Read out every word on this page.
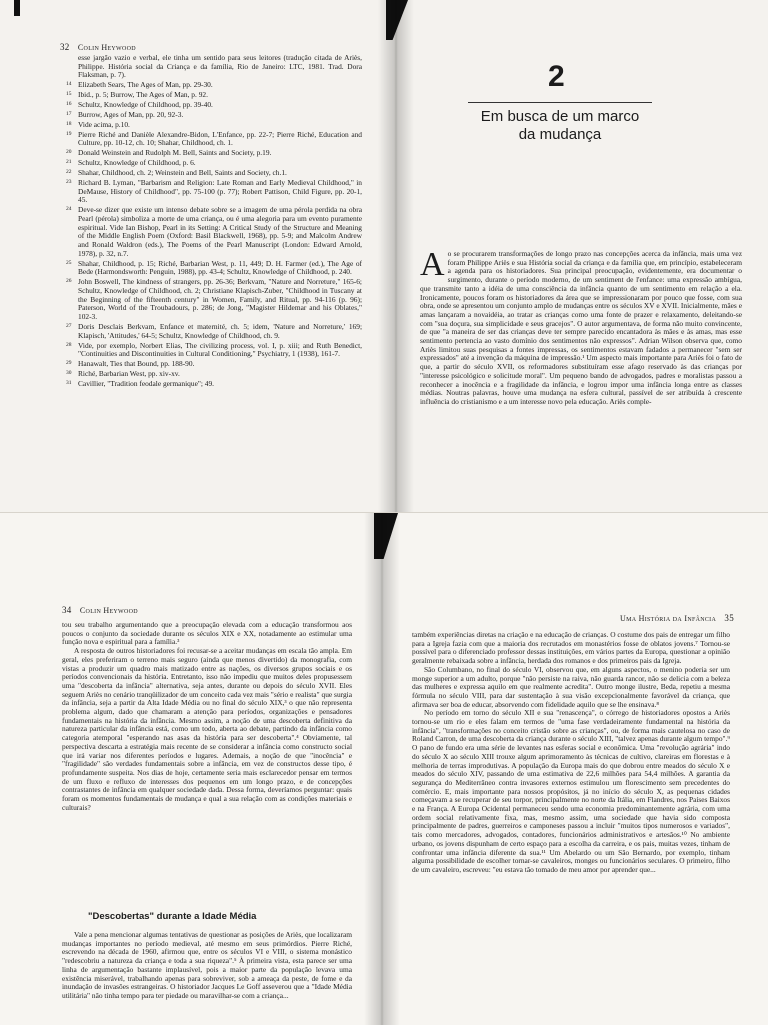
32 Colin Heywood
esse jargão vazio e verbal, ele tinha um sentido para seus leitores (tradução citada de Ariès, Philippe. História social da Criança e da família, Rio de Janeiro: LTC, 1981. Trad. Dora Flaksman, p. 7).
14 Elizabeth Sears, The Ages of Man, pp. 29-30.
15 Ibid., p. 5; Burrow, The Ages of Man, p. 92.
16 Schultz, Knowledge of Childhood, pp. 39-40.
17 Burrow, Ages of Man, pp. 20, 92-3.
18 Vide acima, p.10.
19 Pierre Riché and Danièle Alexandre-Bidon, L'Enfance, pp. 22-7; Pierre Riché, Education and Culture, pp. 10-12, ch. 10; Shahar, Childhood, ch. 1.
20 Donald Weinstein and Rudolph M. Bell, Saints and Society, p.19.
21 Schultz, Knowledge of Childhood, p. 6.
22 Shahar, Childhood, ch. 2; Weinstein and Bell, Saints and Society, ch.1.
23 Richard B. Lyman, "Barbarism and Religion: Late Roman and Early Medieval Childhood," in DeMause, History of Childhood", pp. 75-100 (p. 77); Robert Pattison, Child Figure, pp. 20-1, 45.
24 Deve-se dizer que existe um intenso debate sobre se a imagem de uma pérola perdida na obra Pearl (pérola) simboliza a morte de uma criança, ou é uma alegoria para um evento puramente espiritual. Vide Ian Bishop, Pearl in its Setting: A Critical Study of the Structure and Meaning of the Middle English Poem (Oxford: Basil Blackwell, 1968), pp. 5-9; and Malcolm Andrew and Ronald Waldron (eds.), The Poems of the Pearl Manuscript (London: Edward Arnold, 1978), p. 32, n.7.
25 Shahar, Childhood, p. 15; Riché, Barbarian West, p. 11, 449; D. H. Farmer (ed.), The Age of Bede (Harmondsworth: Penguin, 1988), pp. 43-4; Schultz, Knowledge of Childhood, p. 240.
26 John Boswell, The kindness of strangers, pp. 26-36; Berkvam, "Nature and Norreture," 165-6; Schultz, Knowledge of Childhood, ch. 2; Christiane Klapisch-Zuber, "Childhood in Tuscany at the Beginning of the fifteenth century" in Women, Family, and Ritual, pp. 94-116 (p. 96); Paterson, World of the Troubadours, p. 286; de Jong, "Magister Hildemar and his Oblates," 102-3.
27 Doris Desclais Berkvam, Enfance et maternité, ch. 5; idem, 'Nature and Norreture,' 169; Klapisch, 'Attitudes,' 64-5; Schultz, Knowledge of Childhood, ch. 9.
28 Vide, por exemplo, Norbert Elias, The civilizing process, vol. I, p. xiii; and Ruth Benedict, "Continuities and Discontinuities in Cultural Conditioning," Psychiatry, 1 (1938), 161-7.
29 Hanawalt, Ties that Bound, pp. 188-90.
30 Riché, Barbarian West, pp. xiv-xv.
31 Cavillier, "Tradition feodale germanique"; 49.
2
Em busca de um marco
da mudança
A o se procurarem transformações de longo prazo nas concepções acerca da infância, mais uma vez foram Philippe Ariès e sua História social da criança e da família que, em princípio, estabeleceram a agenda para os historiadores. Sua principal preocupação, evidentemente, era documentar o surgimento, durante o período moderno, de um sentiment de l'enfance: uma expressão ambígua, que transmite tanto a idéia de uma consciência da infância quanto de um sentimento em relação a ela. Ironicamente, poucos foram os historiadores da área que se impressionaram por pouco que fosse, com sua obra, onde se apresentou um conjunto amplo de mudanças entre os séculos XV e XVII. Inicialmente, mães e amas lançaram a novaidéia, ao tratar as crianças como uma fonte de prazer e relaxamento, deleitando-se com "sua doçura, sua simplicidade e seus gracejos". O autor argumentava, de forma não muito convincente, de que "a maneira de ser das crianças deve ter sempre parecido encantadora às mães e às amas, mas esse sentimento pertencia ao vasto domínio dos sentimentos não expressos". Adrian Wilson observa que, como Ariès limitou suas pesquisas a fontes impressas, os sentimentos estavam fadados a permanecer "sem ser expressados" até a invenção da máquina de impressão.¹ Um aspecto mais importante para Ariès foi o fato de que, a partir do século XVII, os reformadores substituíram esse afago reservado às das crianças por "interesse psicológico e solicitude moral". Um pequeno bando de advogados, padres e moralistas passou a reconhecer a inocência e a fragilidade da infância, e logrou impor uma infância longa entre as classes médias. Noutras palavras, houve uma mudança na esfera cultural, passível de ser atribuída à crescente influência do cristianismo e a um interesse novo pela educação. Ariès comple-

34 Colin Heywood

tou seu trabalho argumentando que a preocupação elevada com a educação transformou aos poucos o conjunto da sociedade durante os séculos XIX e XX, notadamente ao estimular uma função nova e espiritual para a família.³

A resposta de outros historiadores foi recusar-se a aceitar mudanças em escala tão ampla. Em geral, eles preferiram o terreno mais seguro (ainda que menos divertido) da monografia, com vistas a produzir um quadro mais matizado entre as nações, os diversos grupos sociais e os períodos convencionais da história. Entretanto, isso não impediu que muitos deles propusessem uma "descoberta da infância" alternativa, seja antes, durante ou depois do século XVII. Eles seguem Ariès no cenário tranqüilizador de um conceito cada vez mais "sério e realista" que surgia da infância, seja a partir da Alta Idade Média ou no final do século XIX,³ o que não representa problema algum, dado que chamaram a atenção para períodos, organizações e pensadores fundamentais na história da infância. Mesmo assim, a noção de uma descoberta definitiva da natureza particular da infância está, como um todo, aberta ao debate, partindo da infância como categoria atemporal "esperando nas asas da história para ser descoberta".⁴ Obviamente, tal perspectiva descarta a estratégia mais recente de se considerar a infância como constructo social que irá variar nos diferentes períodos e lugares. Ademais, a noção de que "inocência" e "fragilidade" são verdades fundamentais sobre a infância, em vez de constructos desse tipo, é profundamente suspeita. Nos dias de hoje, certamente seria mais esclarecedor pensar em termos de um fluxo e refluxo de interesses dos pequenos em um longo prazo, e de concepções contrastantes de infância em qualquer sociedade dada. Dessa forma, deveríamos perguntar: quais foram os momentos fundamentais de mudança e qual a sua relação com as condições materiais e culturais?

"Descobertas" durante a Idade Média

Vale a pena mencionar algumas tentativas de questionar as posições de Ariès, que localizaram mudanças importantes no período medieval, até mesmo em seus primórdios. Pierre Riché, escrevendo na década de 1960, afirmou que, entre os séculos VI e VIII, o sistema monástico "redescobriu a natureza da criança e toda a sua riqueza".⁵ À primeira vista, esta parece ser uma linha de argumentação bastante implausível, pois a maior parte da população levava uma existência miserável, trabalhando apenas para sobreviver, sob a ameaça da peste, de fome e da inundação de invasões estrangeiras. O historiador Jacques Le Goff asseverou que a "Idade Média utilitária" não tinha tempo para ter piedade ou maravilhar-se com a criança...

Uma História da Infância 35

também experiências diretas na criação e na educação de crianças. O costume dos pais de entregar um filho para a Igreja fazia com que a maioria dos recrutados em monastérios fosse de oblatos jovens.⁷ Tornou-se possível para o diferenciado professor dessas instituições, em vários partes da Europa, questionar a opinião geralmente rebaixada sobre a infância, herdada dos romanos e dos primeiros pais da Igreja.

São Columbano, no final do século VI, observou que, em alguns aspectos, o menino poderia ser um monge superior a um adulto, porque "não persiste na raiva, não guarda rancor, não se delicia com a beleza das mulheres e expressa aquilo em que realmente acredita". Outro monge ilustre, Beda, repetiu a mesma fórmula no século VIII, para dar sustentação à sua visão excepcionalmente favorável da criança, que afirmava ser boa de educar, absorvendo com fidelidade aquilo que se lhe ensinava.⁸

No período em torno do século XII e sua "renascença", o córrego de historiadores opostos a Ariès tornou-se um rio e eles falam em termos de "uma fase verdadeiramente fundamental na história da infância", "transformações no conceito cristão sobre as crianças", ou, de forma mais cautelosa no caso de Roland Carron, de uma descoberta da criança durante o século XIII, "talvez apenas durante algum tempo".⁹ O pano de fundo era uma série de levantes nas esferas social e econômica. Uma "revolução agrária" indo do século X ao século XIII trouxe algum aprimoramento às técnicas de cultivo, clareiras em florestas e à melhoria de terras improdutivas. A população da Europa mais do que dobrou entre meados do século X e meados do século XIV, passando de uma estimativa de 22,6 milhões para 54,4 milhões. A garantia da segurança do Mediterrâneo contra invasores externos estimulou um florescimento sem precedentes do comércio. E, mais importante para nossos propósitos, já no início do século X, as pequenas cidades começavam a se recuperar de seu torpor, principalmente no norte da Itália, em Flandres, nos Países Baixos e na França. A Europa Ocidental permaneceu sendo uma economia predominantemente agrária, com uma ordem social relativamente fixa, mas, mesmo assim, uma sociedade que havia sido composta principalmente de padres, guerreiros e camponeses passou a incluir "muitos tipos numerosos e variados", tais como mercadores, advogados, contadores, funcionários administrativos e artesãos.¹⁰ No ambiente urbano, os jovens dispunham de certo espaço para a escolha da carreira, e os pais, muitas vezes, tinham de confrontar uma infância diferente da sua.¹¹ Um Abelardo ou um São Bernardo, por exemplo, tinham alguma possibilidade de escolher tornar-se cavaleiros, monges ou funcionários seculares. O primeiro, filho de um cavaleiro, escreveu: "eu estava tão tomado de meu amor por aprender que...
